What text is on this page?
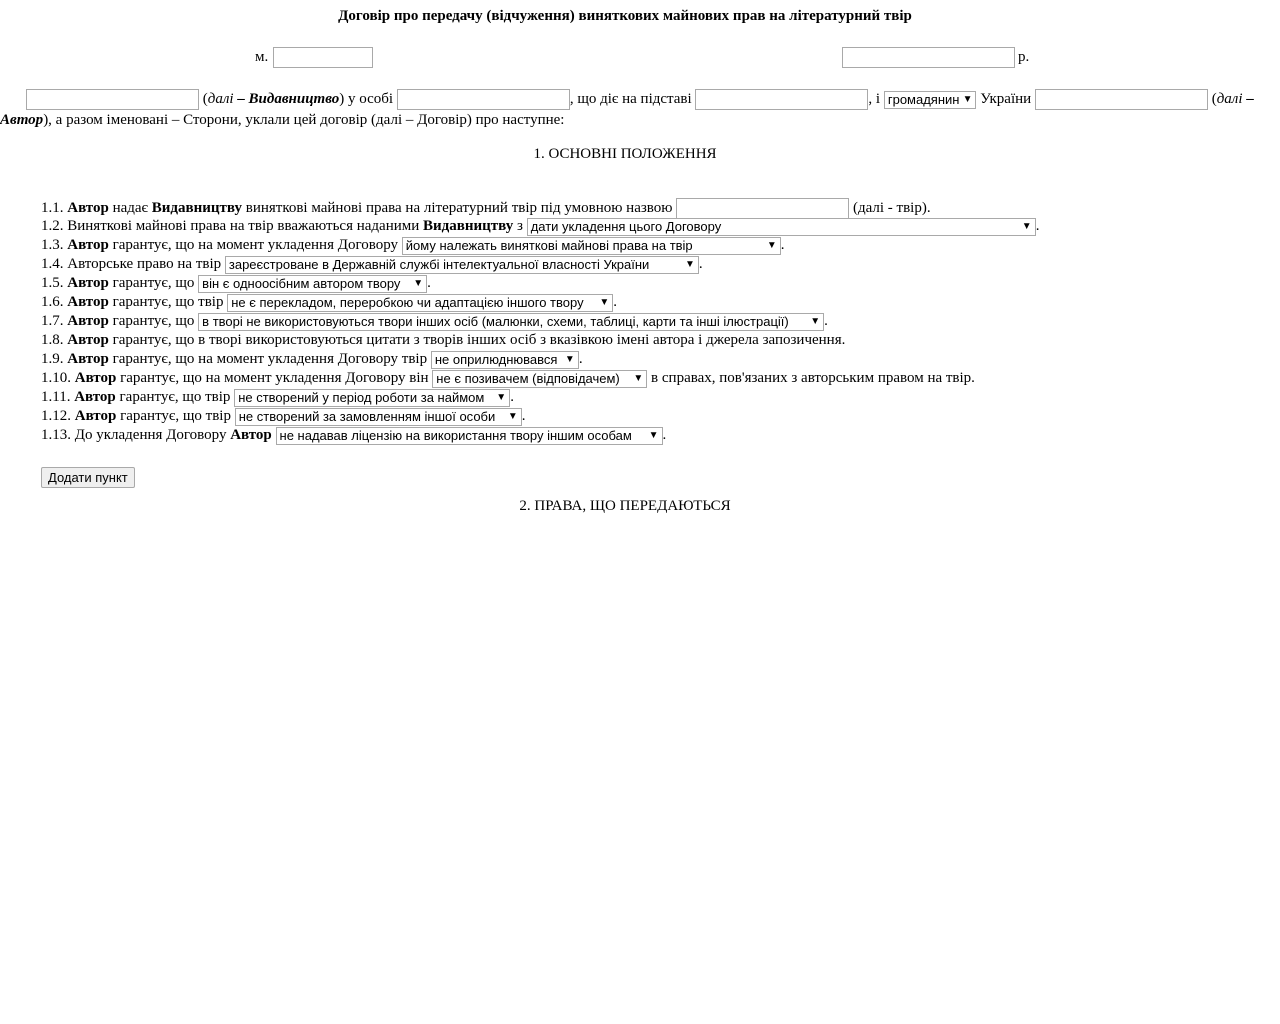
Договір про передачу (відчуження) виняткових майнових прав на літературний твір
м.	р.
(далі – Видавництво) у особі	, що діє на підставі	, і громадянин ▼ України	(далі – Автор), а разом іменовані – Сторони, уклали цей договір (далі – Договір) про наступне:
1. ОСНОВНІ ПОЛОЖЕННЯ
1.1. Автор надає Видавництву виняткові майнові права на літературний твір під умовною назвою	(далі - твір).
1.2. Виняткові майнові права на твір вважаються наданими Видавництву з дати укладення цього Договору	▼ .
1.3. Автор гарантує, що на момент укладення Договору йому належать виняткові майнові права на твір	▼ .
1.4. Авторське право на твір зареєстроване в Державній службі інтелектуальної власності України	▼ .
1.5. Автор гарантує, що він є одноосібним автором твору ▼ .
1.6. Автор гарантує, що твір не є перекладом, переробкою чи адаптацією іншого твору ▼ .
1.7. Автор гарантує, що в творі не використовуються твори інших осіб (малюнки, схеми, таблиці, карти та інші ілюстрації) ▼ .
1.8. Автор гарантує, що в творі використовуються цитати з творів інших осіб з вказівкою імені автора і джерела запозичення.
1.9. Автор гарантує, що на момент укладення Договору твір не оприлюднювався ▼ .
1.10. Автор гарантує, що на момент укладення Договору він не є позивачем (відповідачем) ▼ в справах, пов'язаних з авторським правом на твір.
1.11. Автор гарантує, що твір не створений у період роботи за наймом ▼ .
1.12. Автор гарантує, що твір не створений за замовленням іншої особи ▼ .
1.13. До укладення Договору Автор не надавав ліцензію на використання твору іншим особам ▼ .
Додати пункт
2. ПРАВА, ЩО ПЕРЕДАЮТЬСЯ
